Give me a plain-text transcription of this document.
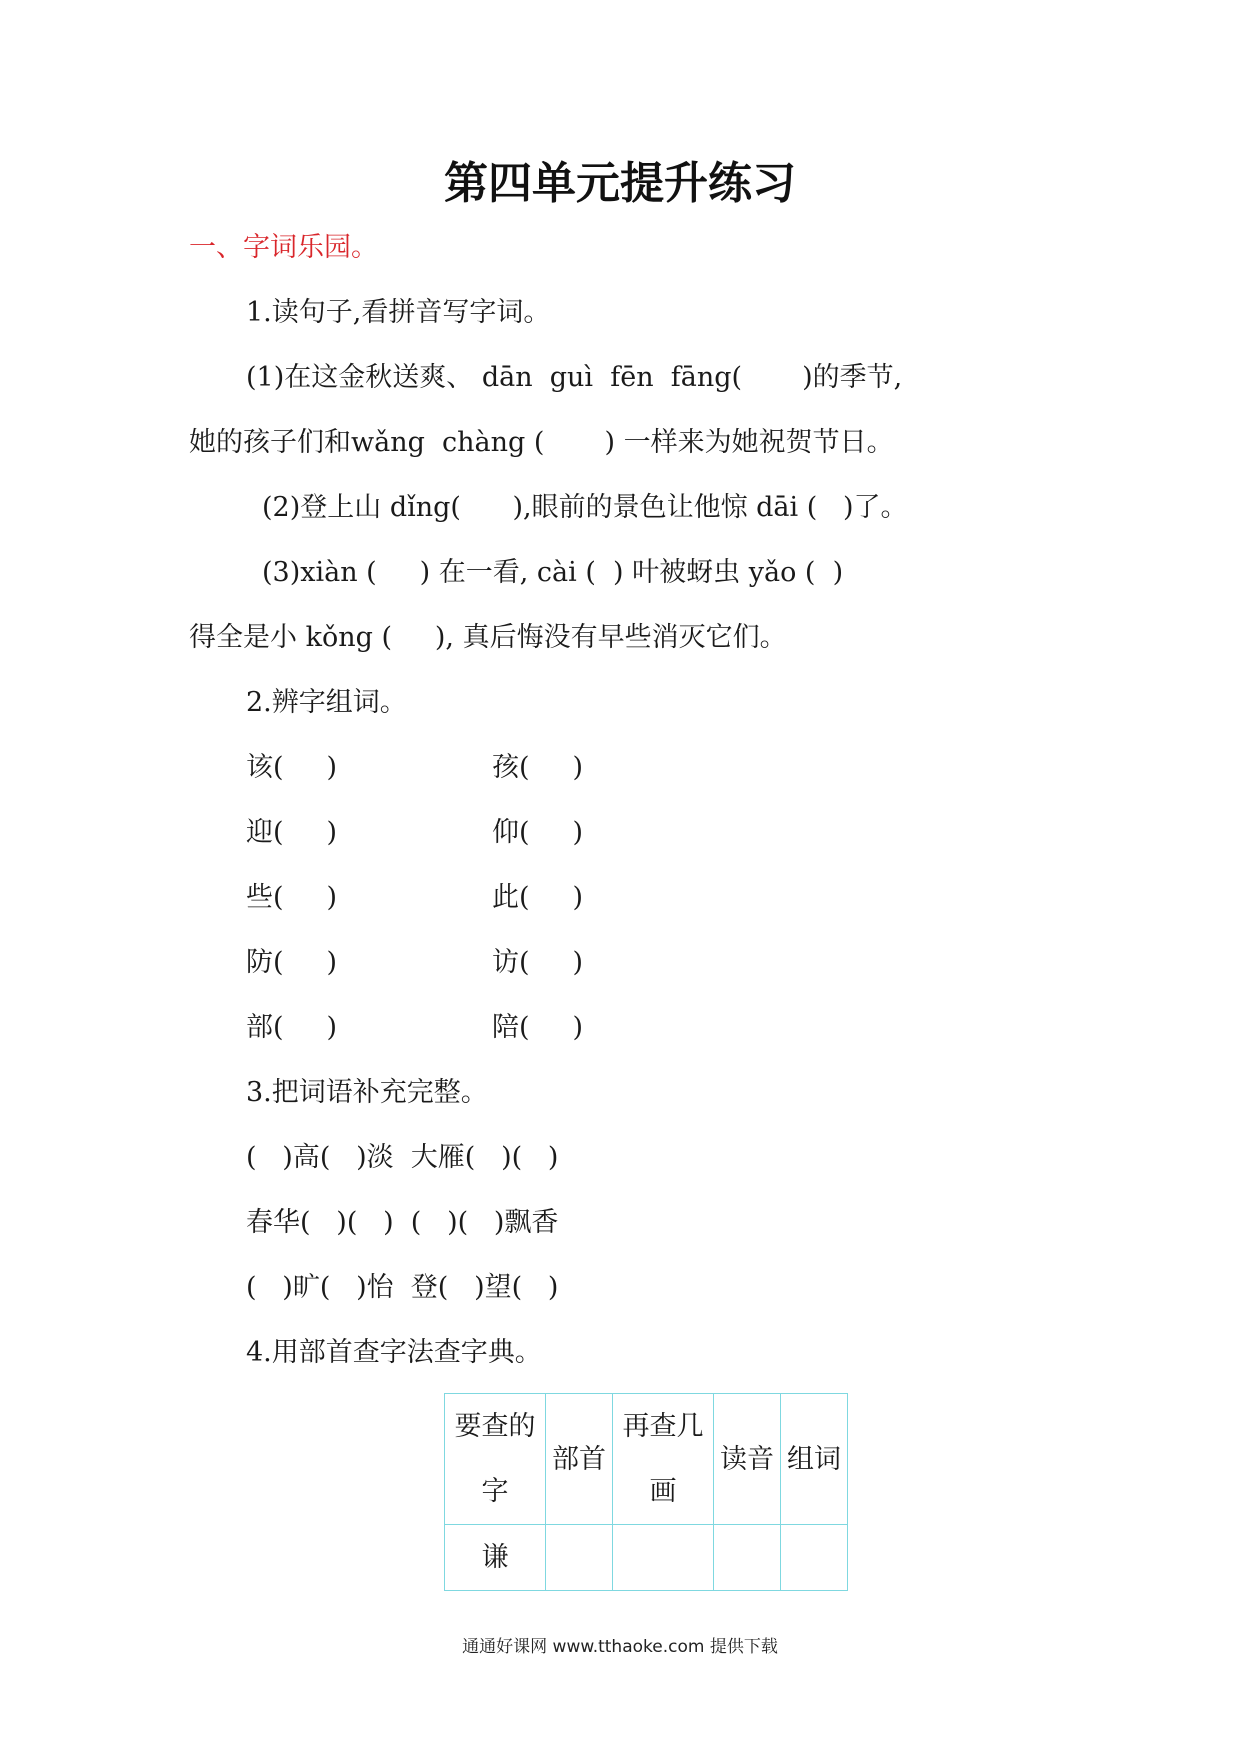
第四单元提升练习
一、字词乐园。
1.读句子,看拼音写字词。
(1)在这金秋送爽、 dān  guì  fēn  fāng(       )的季节,
她的孩子们和wǎng  chàng (       ) 一样来为她祝贺节日。
(2)登上山 dǐng(      ),眼前的景色让他惊 dāi (   )了。
(3)xiàn (     ) 在一看, cài (  ) 叶被蚜虫 yǎo (  )
得全是小 kǒng (     ), 真后悔没有早些消灭它们。
2.辨字组词。
该(     )	孩(     )
迎(     )	仰(     )
些(     )	此(     )
防(     )	访(     )
部(     )	陪(     )
3.把词语补充完整。
(   )高(   )淡  大雁(   )(   )
春华(   )(   )  (   )(   )飘香
(   )旷(   )怡  登(   )望(   )
4.用部首查字法查字典。
要查的字	部首	再查几画	读音	组词
谦				
通通好课网 www.tthaoke.com 提供下载
